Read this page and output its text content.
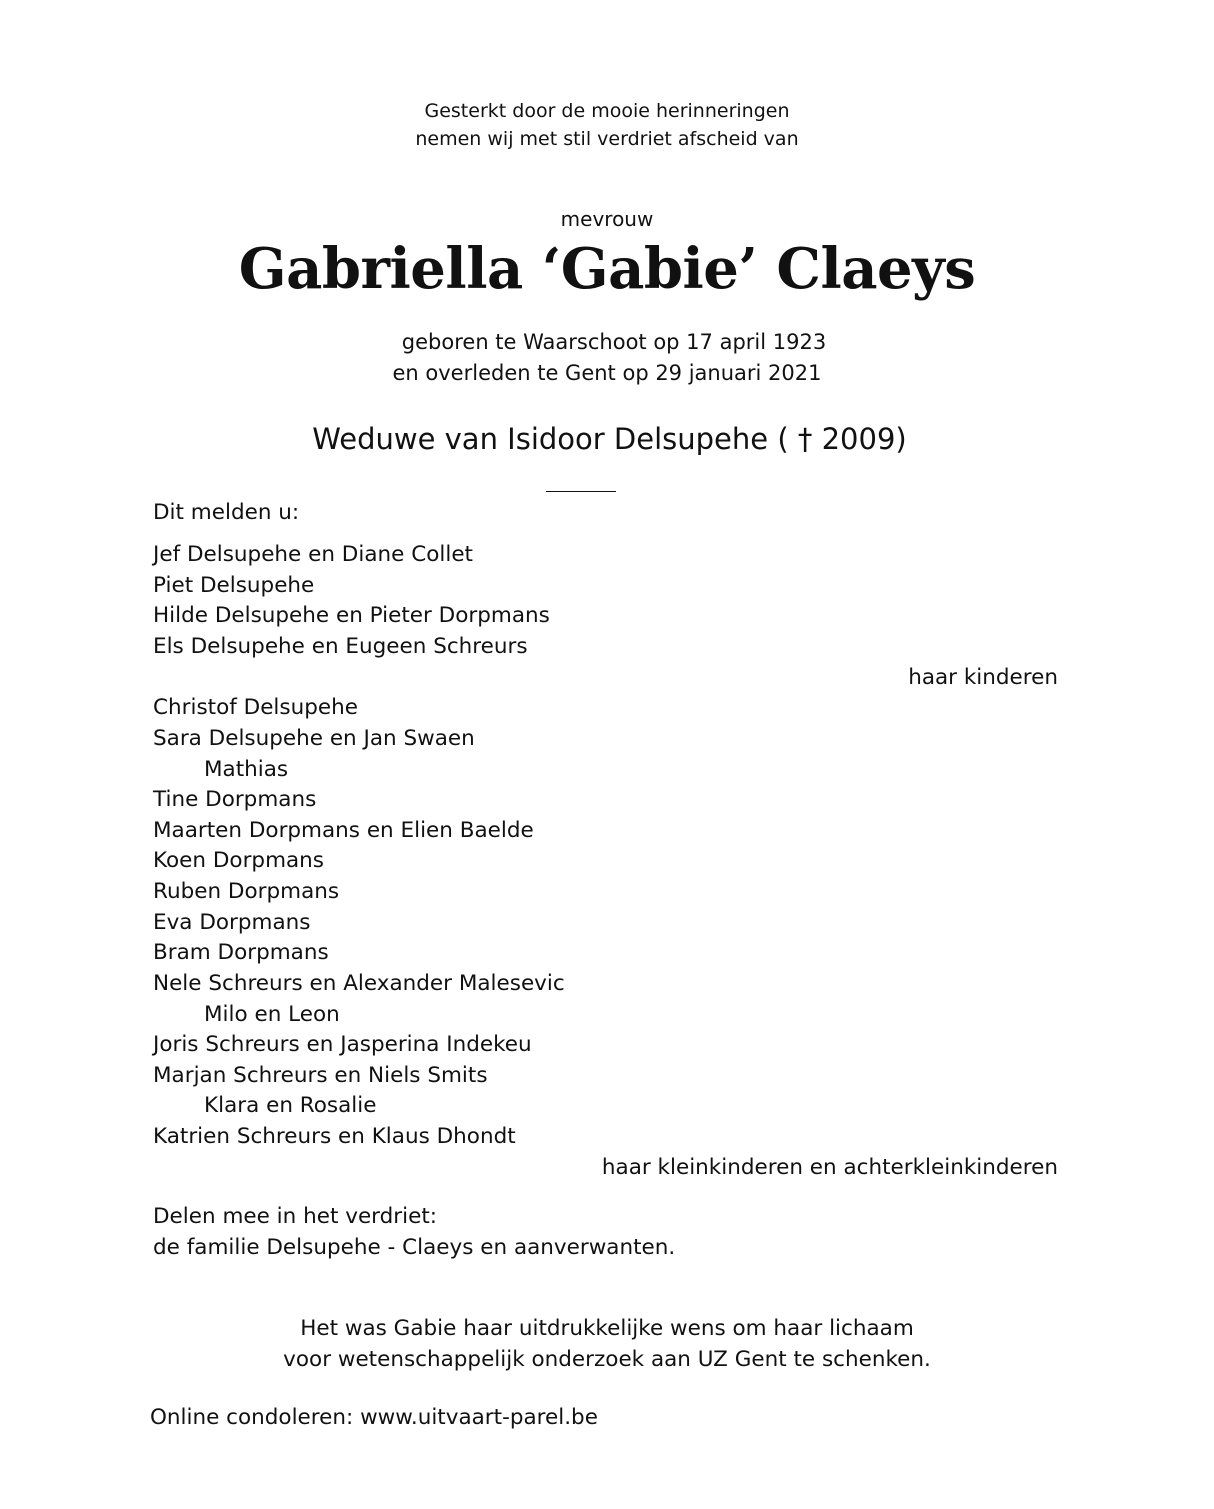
Gesterkt door de mooie herinneringen
nemen wij met stil verdriet afscheid van
mevrouw
Gabriella ‘Gabie’ Claeys
geboren te Waarschoot op 17 april 1923
en overleden te Gent op 29 januari 2021
Weduwe van Isidoor Delsupehe ( † 2009)
Dit melden u:
Jef Delsupehe en Diane Collet
Piet Delsupehe
Hilde Delsupehe en Pieter Dorpmans
Els Delsupehe en Eugeen Schreurs
haar kinderen
Christof Delsupehe
Sara Delsupehe en Jan Swaen
Mathias
Tine Dorpmans
Maarten Dorpmans en Elien Baelde
Koen Dorpmans
Ruben Dorpmans
Eva Dorpmans
Bram Dorpmans
Nele Schreurs en Alexander Malesevic
Milo en Leon
Joris Schreurs en Jasperina Indekeu
Marjan Schreurs en Niels Smits
Klara en Rosalie
Katrien Schreurs en Klaus Dhondt
haar kleinkinderen en achterkleinkinderen
Delen mee in het verdriet:
de familie Delsupehe - Claeys en aanverwanten.
Het was Gabie haar uitdrukkelijke wens om haar lichaam
voor wetenschappelijk onderzoek aan UZ Gent te schenken.
Online condoleren: www.uitvaart-parel.be
